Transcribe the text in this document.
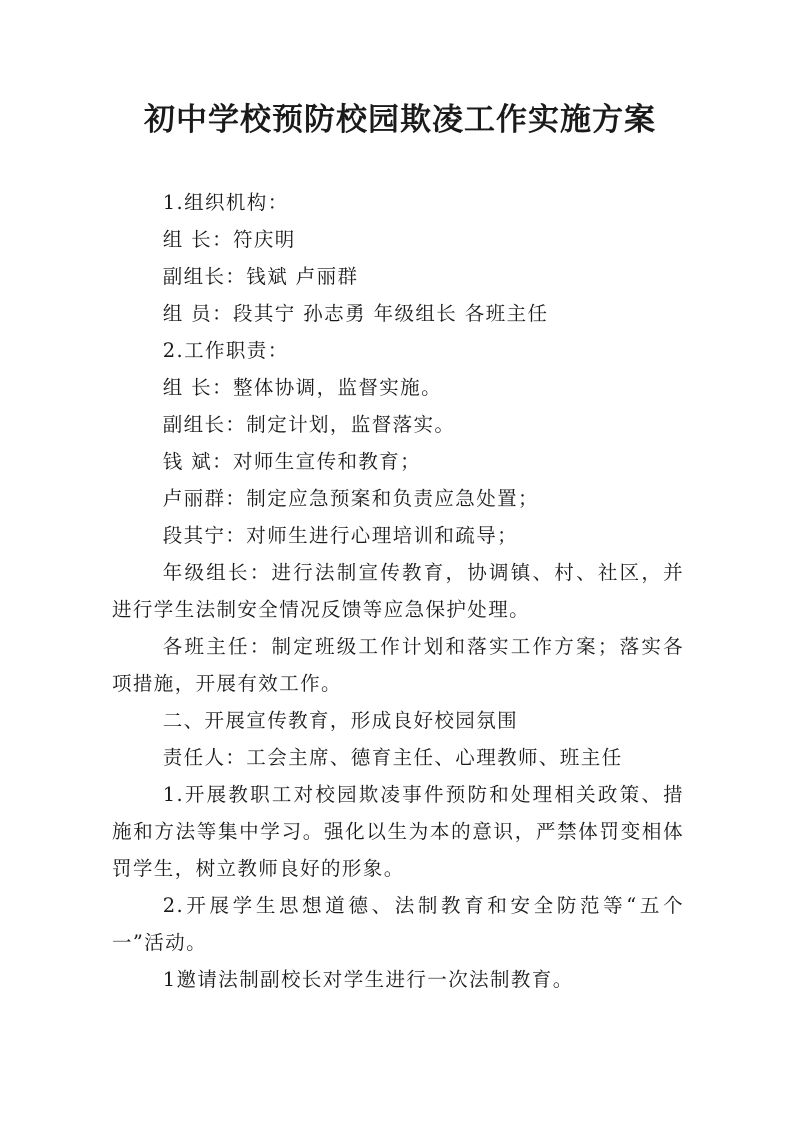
初中学校预防校园欺凌工作实施方案

1.组织机构：

组 长：符庆明

副组长：钱斌 卢丽群

组 员：段其宁 孙志勇 年级组长 各班主任

2.工作职责：

组 长：整体协调，监督实施。

副组长：制定计划，监督落实。

钱 斌：对师生宣传和教育；

卢丽群：制定应急预案和负责应急处置；

段其宁：对师生进行心理培训和疏导；

年级组长：进行法制宣传教育，协调镇、村、社区，并进行学生法制安全情况反馈等应急保护处理。

各班主任：制定班级工作计划和落实工作方案；落实各项措施，开展有效工作。

二、开展宣传教育，形成良好校园氛围

责任人：工会主席、德育主任、心理教师、班主任

1.开展教职工对校园欺凌事件预防和处理相关政策、措施和方法等集中学习。强化以生为本的意识，严禁体罚变相体罚学生，树立教师良好的形象。

2.开展学生思想道德、法制教育和安全防范等“五个一”活动。

1邀请法制副校长对学生进行一次法制教育。
